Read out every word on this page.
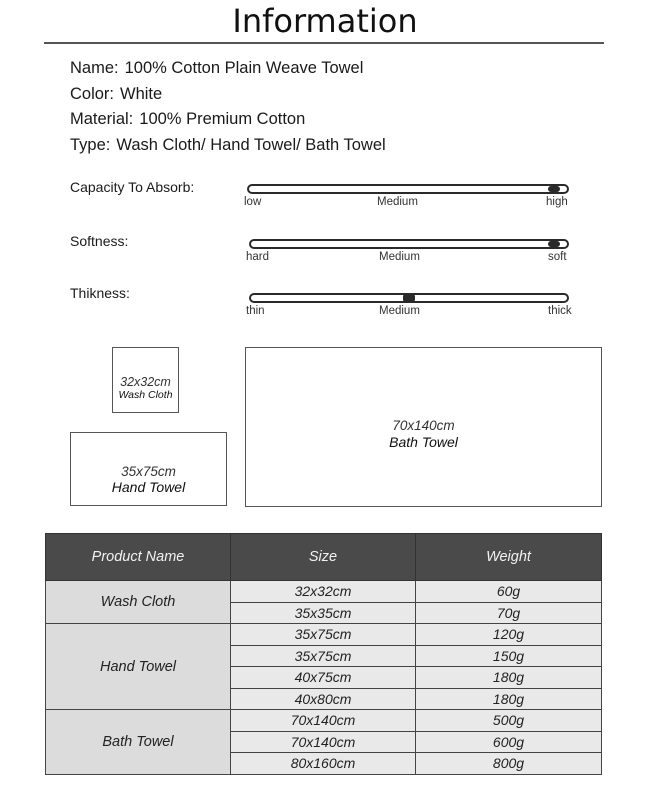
Information
Name: 100% Cotton Plain Weave Towel
Color: White
Material: 100% Premium Cotton
Type: Wash Cloth/ Hand Towel/ Bath Towel
Capacity To Absorb:
low	Medium	high
Softness:
hard	Medium	soft
Thikness:
thin	Medium	thick
32x32cm
Wash Cloth
35x75cm
Hand Towel
70x140cm
Bath Towel
Product Name	Size	Weight
Wash Cloth	32x32cm	60g
	35x35cm	70g
Hand Towel	35x75cm	120g
	35x75cm	150g
	40x75cm	180g
	40x80cm	180g
Bath Towel	70x140cm	500g
	70x140cm	600g
	80x160cm	800g
